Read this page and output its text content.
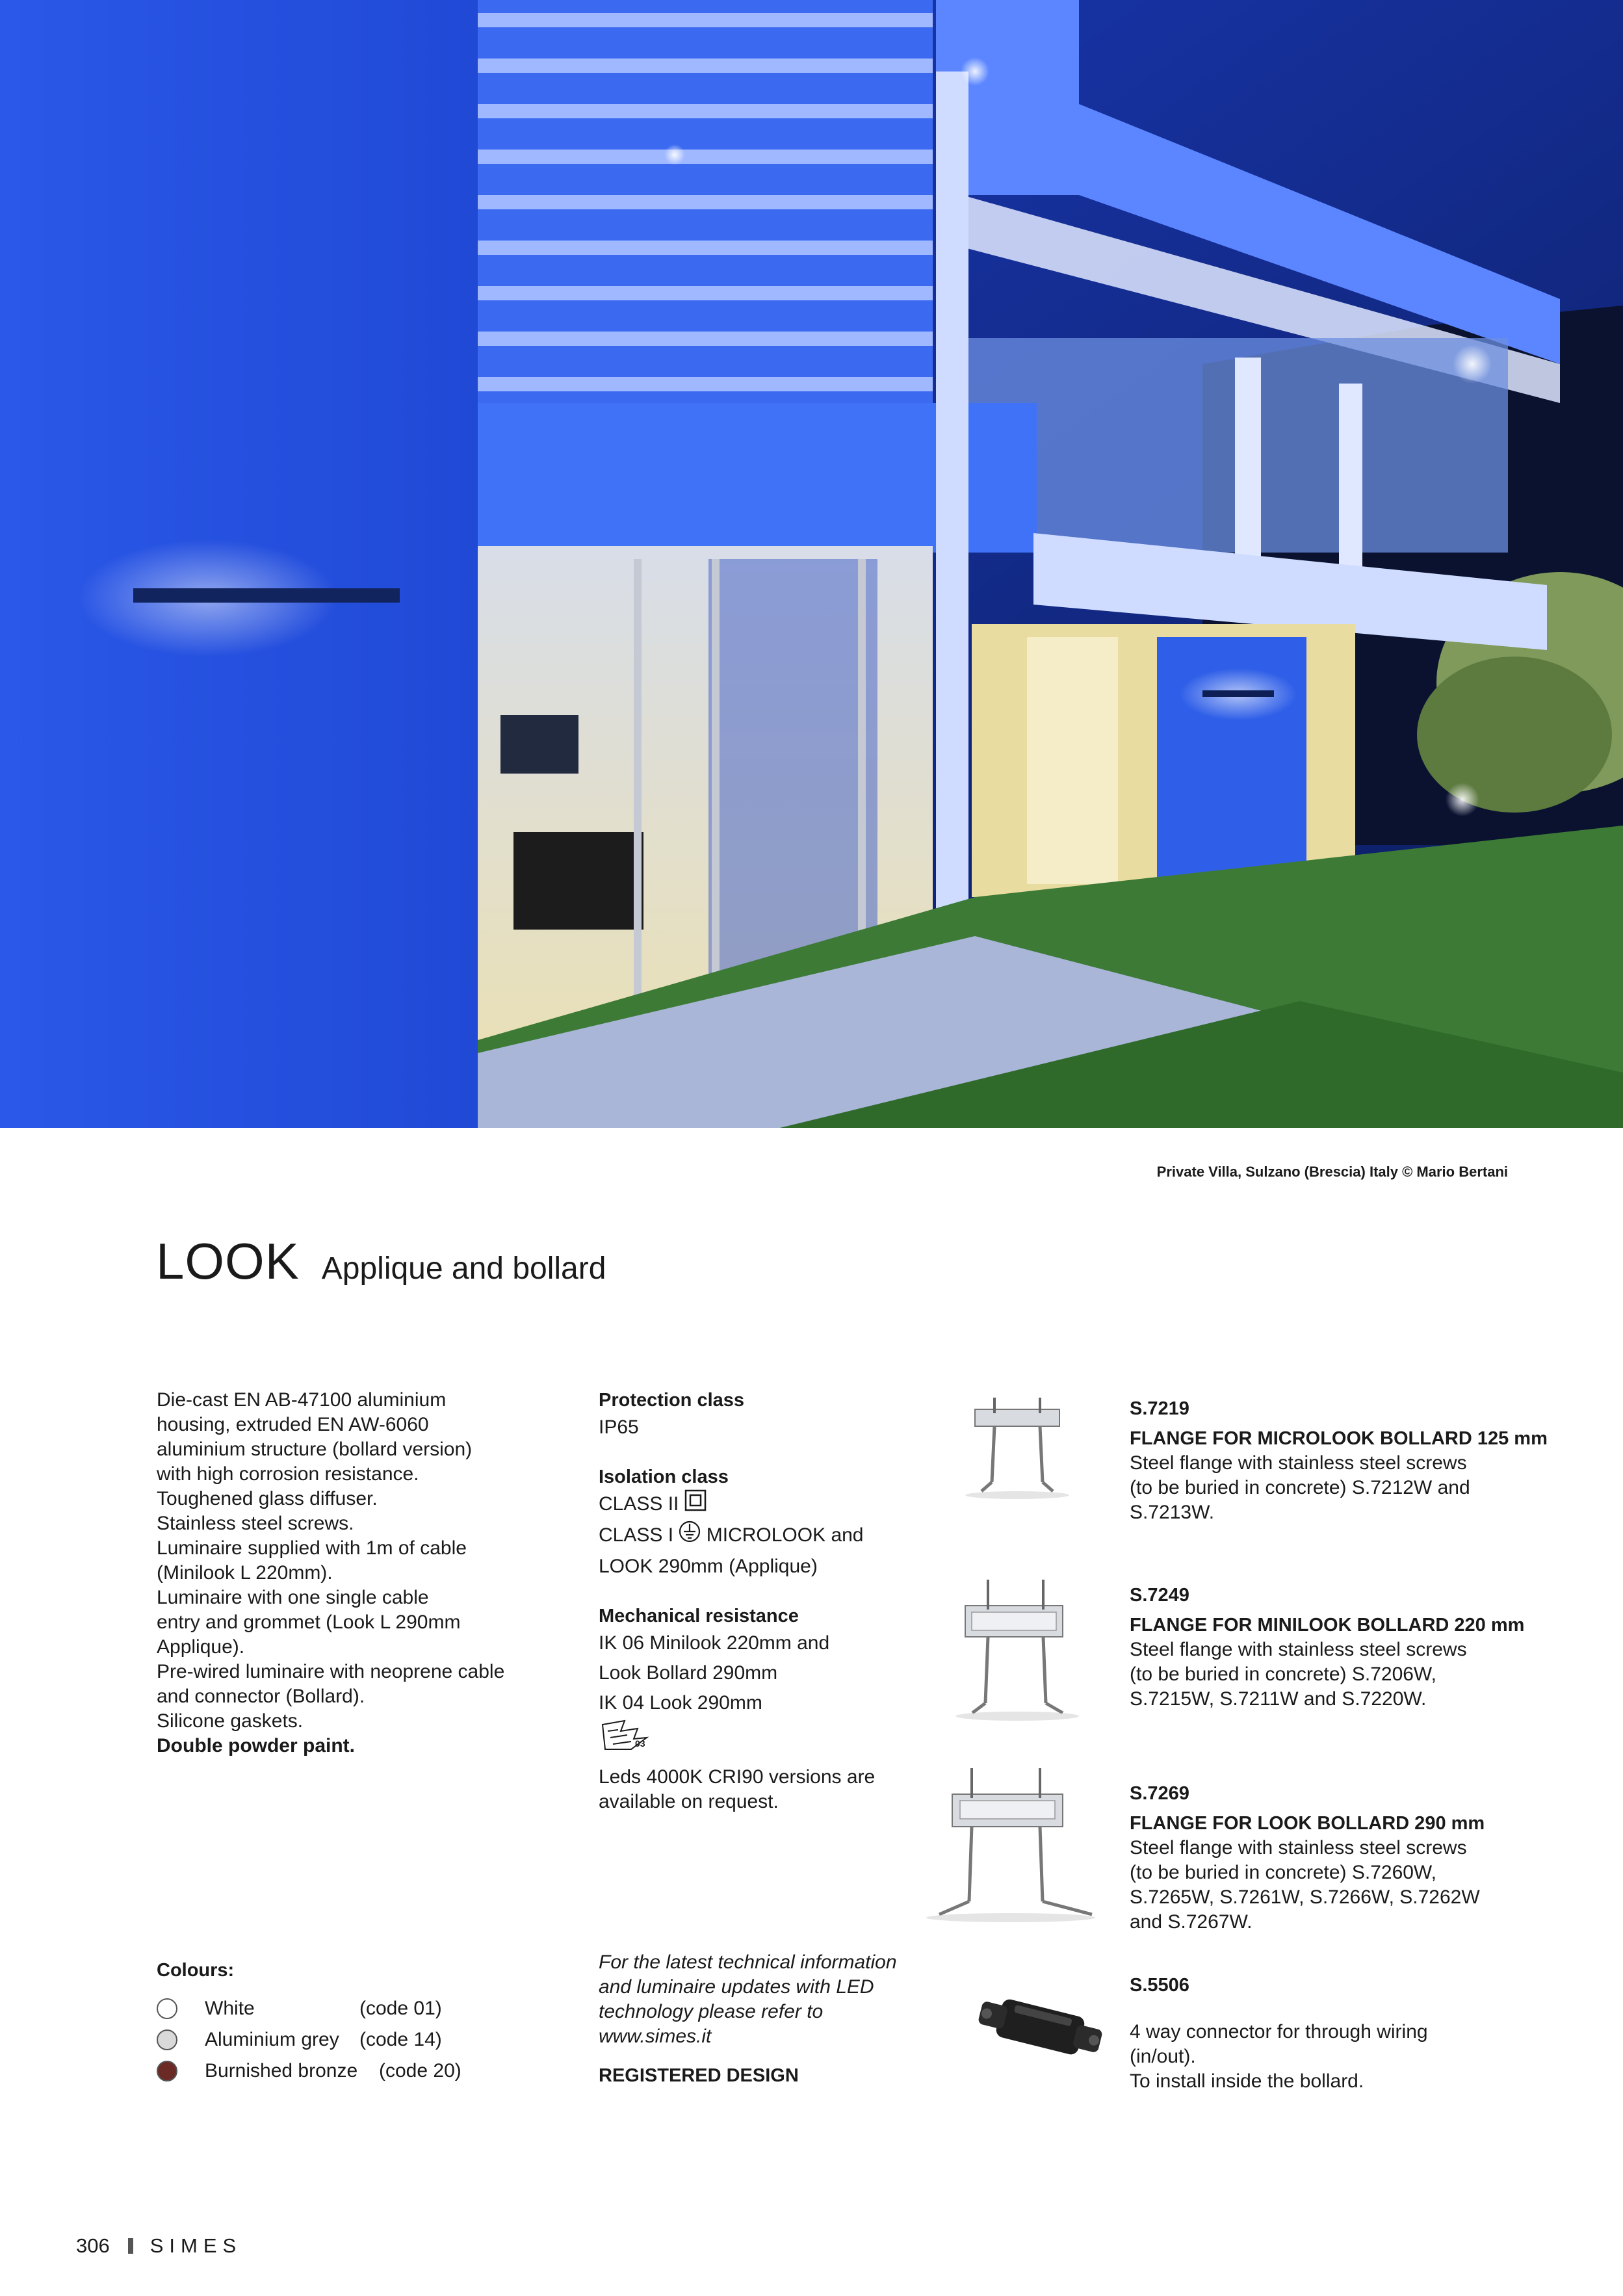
Private Villa, Sulzano (Brescia) Italy © Mario Bertani
LOOK Applique and bollard
Die-cast EN AB-47100 aluminium
housing, extruded EN AW-6060
aluminium structure (bollard version)
with high corrosion resistance.
Toughened glass diffuser.
Stainless steel screws.
Luminaire supplied with 1m of cable
(Minilook L 220mm).
Luminaire with one single cable
entry and grommet (Look L 290mm
Applique).
Pre-wired luminaire with neoprene cable
and connector (Bollard).
Silicone gaskets.
Double powder paint.
Protection class
IP65
Isolation class
CLASS II
CLASS I MICROLOOK and
LOOK 290mm (Applique)
Mechanical resistance
IK 06 Minilook 220mm and
Look Bollard 290mm
IK 04 Look 290mm
03
Leds 4000K CRI90 versions are
available on request.
For the latest technical information
and luminaire updates with LED
technology please refer to
www.simes.it
REGISTERED DESIGN
S.7219
FLANGE FOR MICROLOOK BOLLARD 125 mm
Steel flange with stainless steel screws
(to be buried in concrete) S.7212W and
S.7213W.
S.7249
FLANGE FOR MINILOOK BOLLARD 220 mm
Steel flange with stainless steel screws
(to be buried in concrete) S.7206W,
S.7215W, S.7211W and S.7220W.
S.7269
FLANGE FOR LOOK BOLLARD 290 mm
Steel flange with stainless steel screws
(to be buried in concrete) S.7260W,
S.7265W, S.7261W, S.7266W, S.7262W
and S.7267W.
S.5506
4 way connector for through wiring
(in/out).
To install inside the bollard.
Colours:
White	(code 01)
Aluminium grey	(code 14)
Burnished bronze	(code 20)
306 SIMES
